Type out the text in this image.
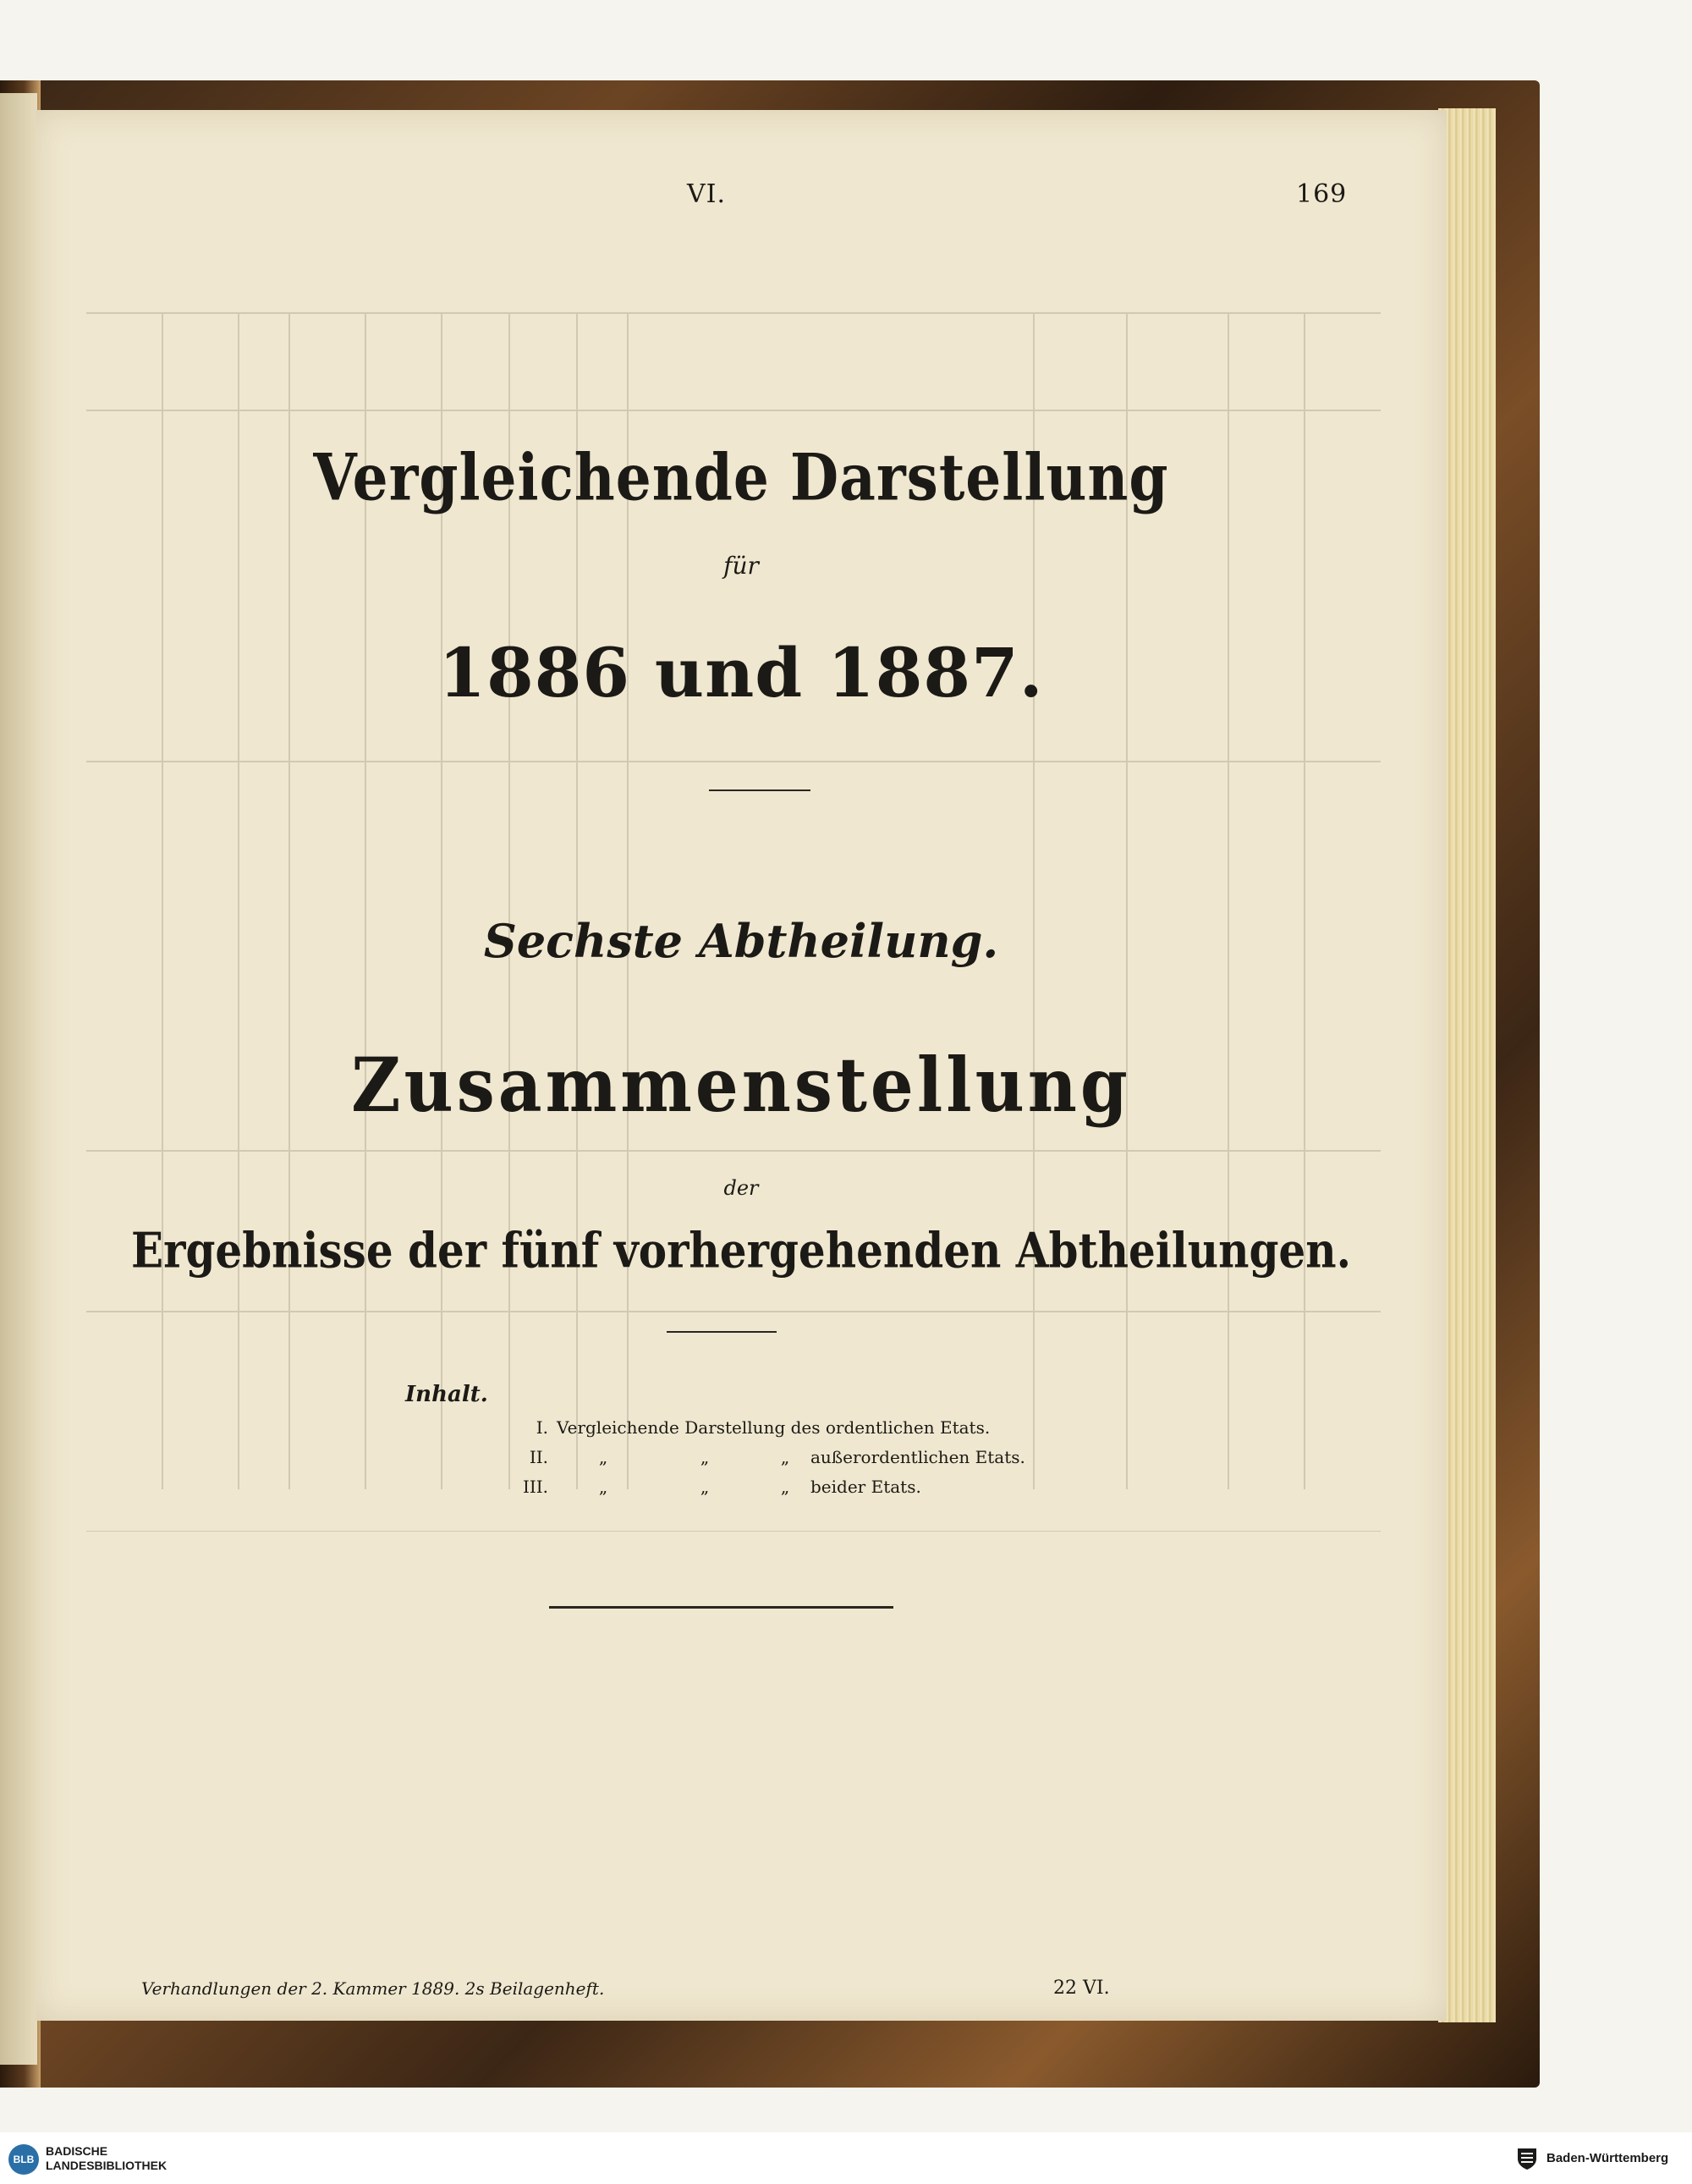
VI.	169
Vergleichende Darstellung
für
1886 und 1887.
Sechste Abtheilung.
Zusammenstellung
der
Ergebnisse der fünf vorhergehenden Abtheilungen.
Inhalt.
I. Vergleichende Darstellung des ordentlichen Etats.
II.	„	„	„ außerordentlichen Etats.
III.	„	„	„ beider Etats.
Verhandlungen der 2. Kammer 1889. 2s Beilagenheft.	22 VI.
BLB
BADISCHE
LANDESBIBLIOTHEK	Baden-Württemberg
